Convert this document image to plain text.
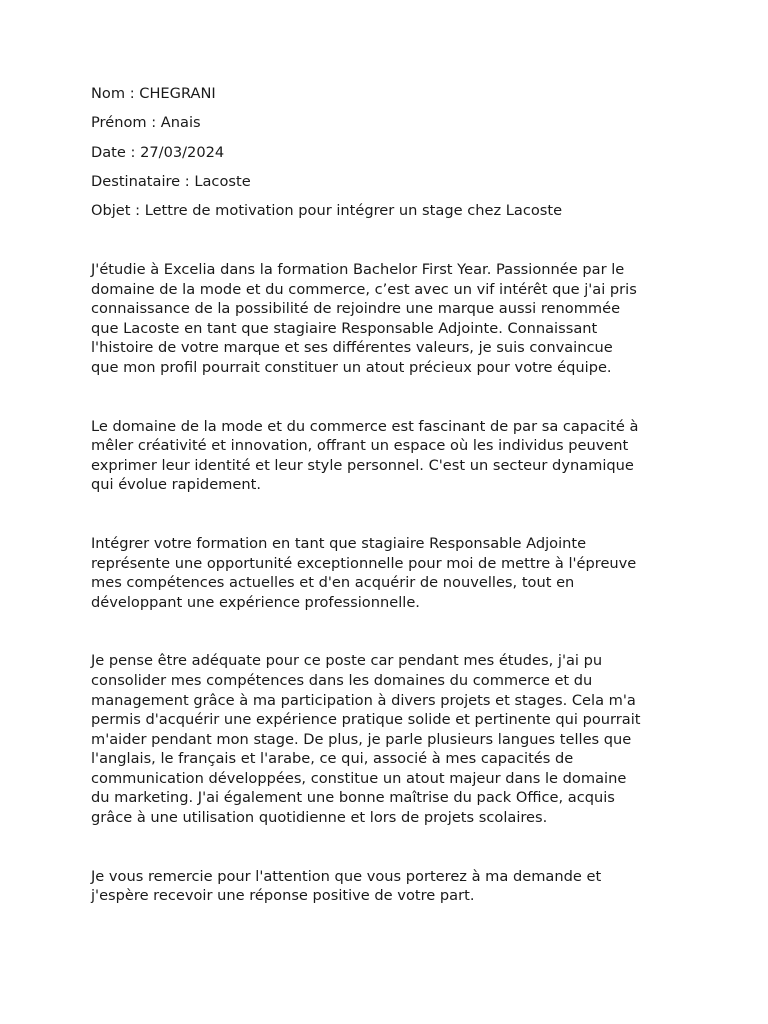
Nom : CHEGRANI

Prénom : Anais

Date : 27/03/2024

Destinataire : Lacoste

Objet : Lettre de motivation pour intégrer un stage chez Lacoste

J'étudie à Excelia dans la formation Bachelor First Year. Passionnée par le
domaine de la mode et du commerce, c’est avec un vif intérêt que j'ai pris
connaissance de la possibilité de rejoindre une marque aussi renommée
que Lacoste en tant que stagiaire Responsable Adjointe. Connaissant
l'histoire de votre marque et ses différentes valeurs, je suis convaincue
que mon profil pourrait constituer un atout précieux pour votre équipe.

Le domaine de la mode et du commerce est fascinant de par sa capacité à
mêler créativité et innovation, offrant un espace où les individus peuvent
exprimer leur identité et leur style personnel. C'est un secteur dynamique
qui évolue rapidement.

Intégrer votre formation en tant que stagiaire Responsable Adjointe
représente une opportunité exceptionnelle pour moi de mettre à l'épreuve
mes compétences actuelles et d'en acquérir de nouvelles, tout en
développant une expérience professionnelle.

Je pense être adéquate pour ce poste car pendant mes études, j'ai pu
consolider mes compétences dans les domaines du commerce et du
management grâce à ma participation à divers projets et stages. Cela m'a
permis d'acquérir une expérience pratique solide et pertinente qui pourrait
m'aider pendant mon stage. De plus, je parle plusieurs langues telles que
l'anglais, le français et l'arabe, ce qui, associé à mes capacités de
communication développées, constitue un atout majeur dans le domaine
du marketing. J'ai également une bonne maîtrise du pack Office, acquis
grâce à une utilisation quotidienne et lors de projets scolaires.

Je vous remercie pour l'attention que vous porterez à ma demande et
j'espère recevoir une réponse positive de votre part.
